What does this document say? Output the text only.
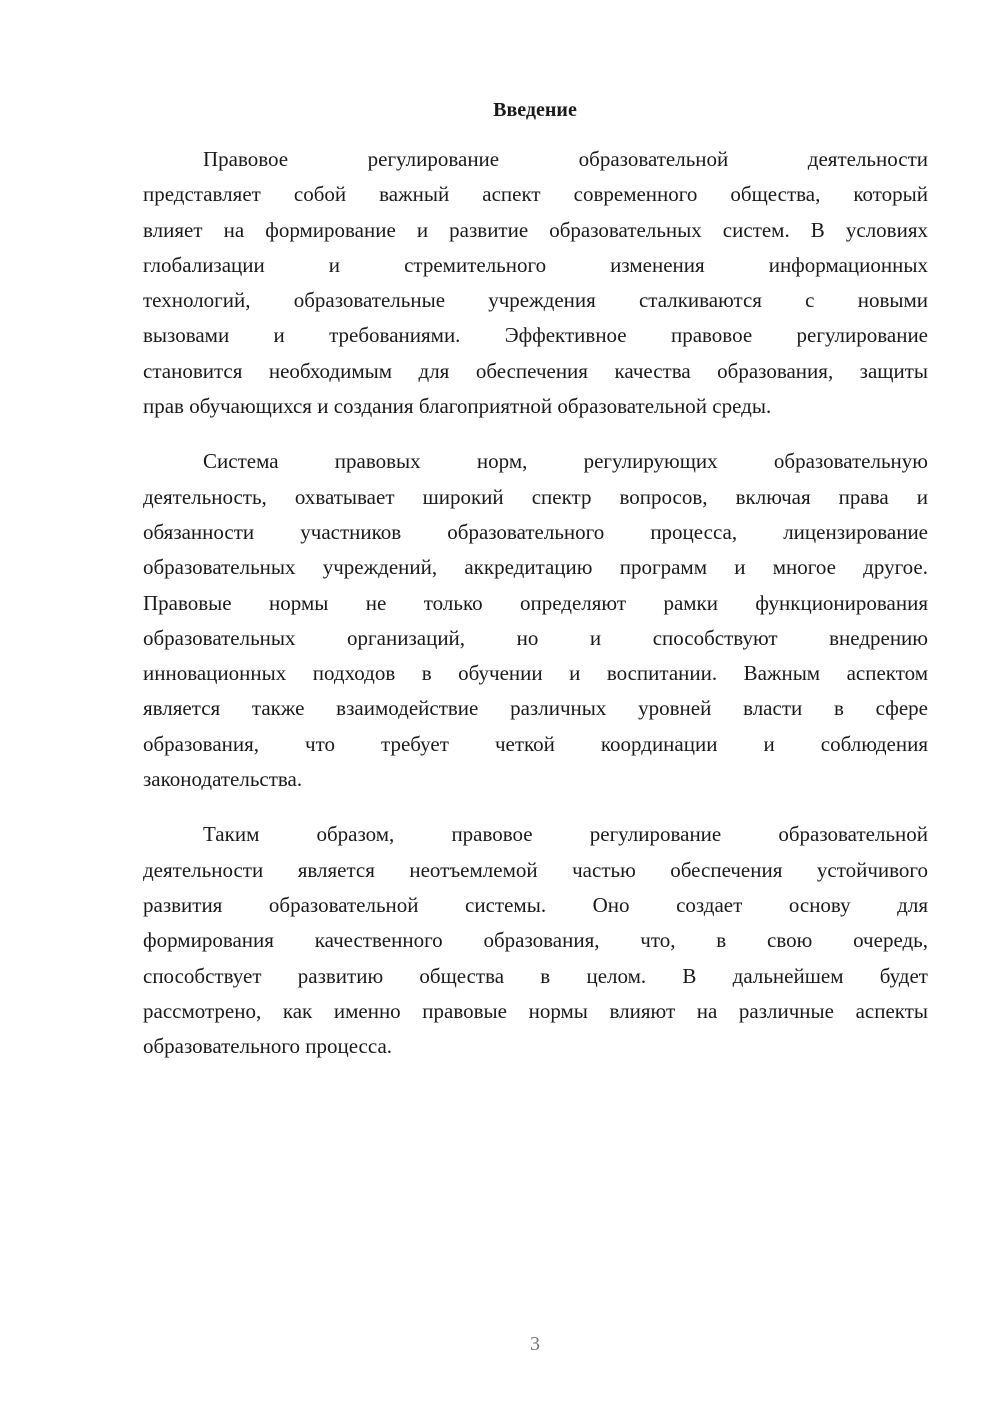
Введение
Правовое регулирование образовательной деятельности
представляет собой важный аспект современного общества, который
влияет на формирование и развитие образовательных систем. В условиях
глобализации и стремительного изменения информационных
технологий, образовательные учреждения сталкиваются с новыми
вызовами и требованиями. Эффективное правовое регулирование
становится необходимым для обеспечения качества образования, защиты
прав обучающихся и создания благоприятной образовательной среды.
Система правовых норм, регулирующих образовательную
деятельность, охватывает широкий спектр вопросов, включая права и
обязанности участников образовательного процесса, лицензирование
образовательных учреждений, аккредитацию программ и многое другое.
Правовые нормы не только определяют рамки функционирования
образовательных организаций, но и способствуют внедрению
инновационных подходов в обучении и воспитании. Важным аспектом
является также взаимодействие различных уровней власти в сфере
образования, что требует четкой координации и соблюдения
законодательства.
Таким образом, правовое регулирование образовательной
деятельности является неотъемлемой частью обеспечения устойчивого
развития образовательной системы. Оно создает основу для
формирования качественного образования, что, в свою очередь,
способствует развитию общества в целом. В дальнейшем будет
рассмотрено, как именно правовые нормы влияют на различные аспекты
образовательного процесса.
3
